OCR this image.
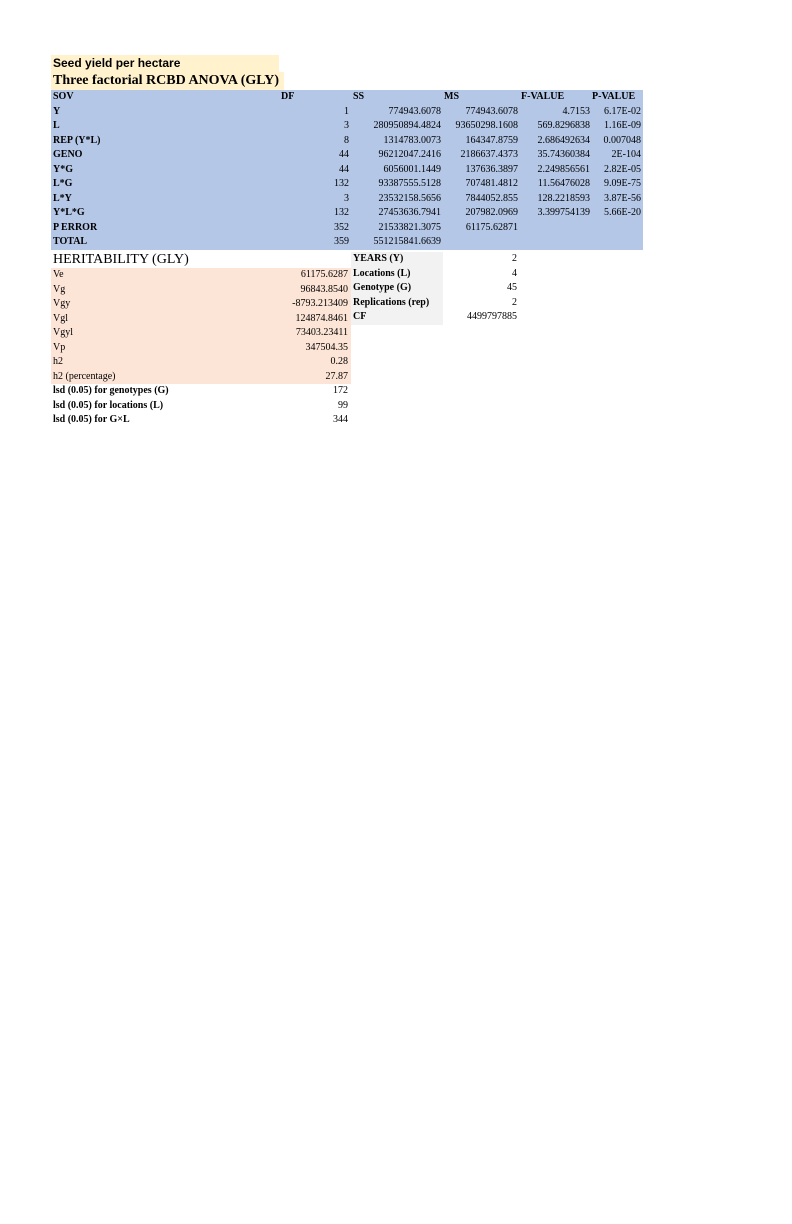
Seed yield per hectare
Three factorial RCBD ANOVA (GLY)
SOV	DF	SS	MS	F-VALUE	P-VALUE
Y	1	774943.6078 774943.6078	4.7153 6.17E-02
L	3 280950894.4824 93650298.1608 569.8296838 1.16E-09
REP (Y*L)	8	1314783.0073 164347.8759 2.686492634 0.007048
GENO	44	96212047.2416 2186637.4373 35.74360384 2E-104
Y*G	44	6056001.1449 137636.3897 2.249856561 2.82E-05
L*G	132	93387555.5128 707481.4812 11.56476028 9.09E-75
L*Y	3	23532158.5656 7844052.855 128.2218593 3.87E-56
Y*L*G	132	27453636.7941 207982.0969 3.399754139 5.66E-20
P ERROR	352	21533821.3075 61175.62871
TOTAL	359 551215841.6639
HERITABILITY (GLY)
Ve	61175.6287
Vg	96843.8540
Vgy	-8793.213409
Vgl	124874.8461
Vgyl	73403.23411
Vp	347504.35
h2	0.28
h2 (percentage)	27.87
lsd (0.05) for genotypes (G)	172
lsd (0.05) for locations (L)	99
lsd (0.05) for G×L	344
YEARS (Y)	2
Locations (L)	4
Genotype (G)	45
Replications (rep)	2
CF	4499797885
